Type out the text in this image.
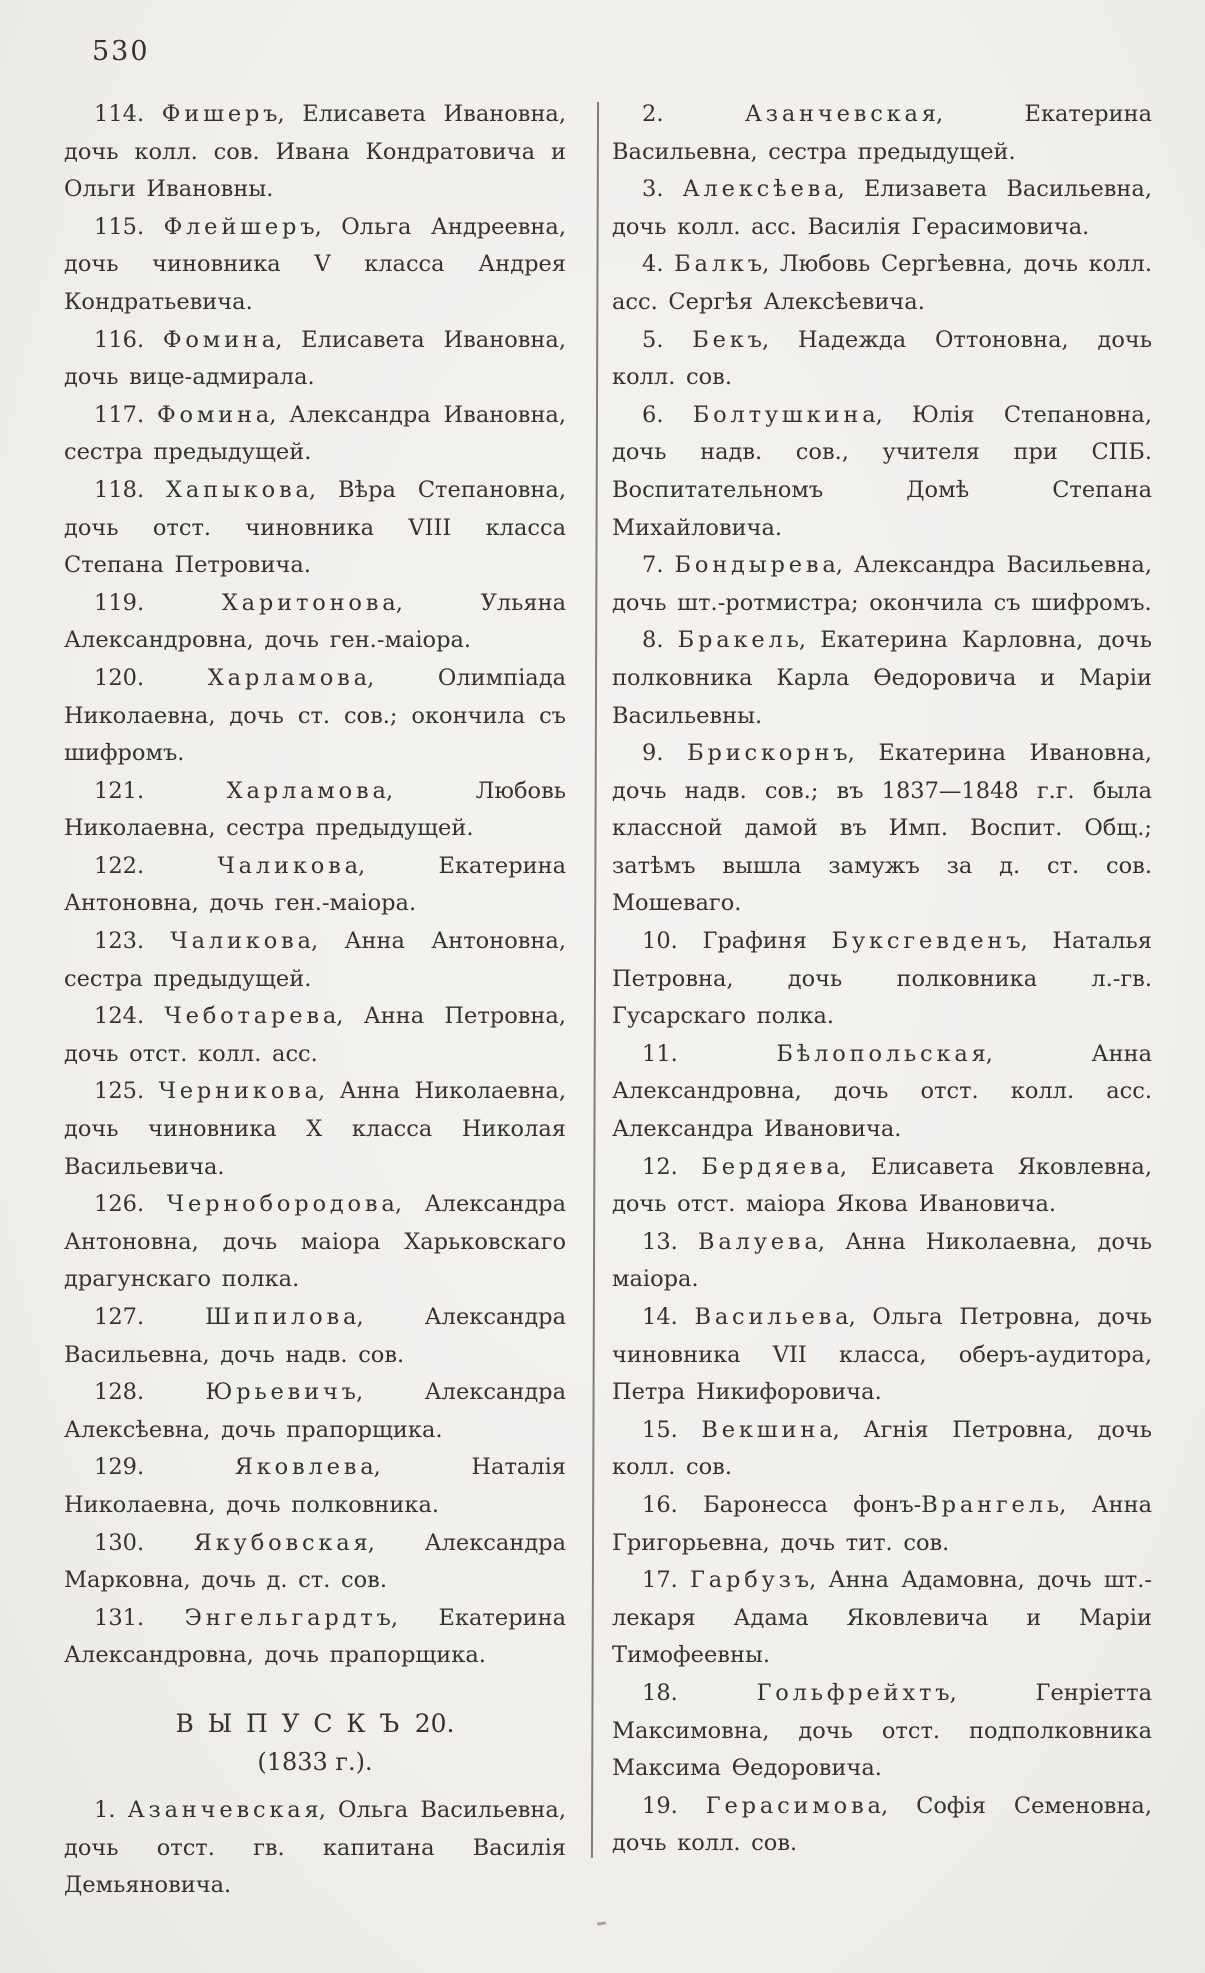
530

114. Фишеръ, Елисавета Ивановна, дочь колл. сов. Ивана Кондратовича и Ольги Ивановны.

115. Флейшеръ, Ольга Андреевна, дочь чиновника V класса Андрея Кондратьевича.

116. Фомина, Елисавета Ивановна, дочь вице-адмирала.

117. Фомина, Александра Ивановна, сестра предыдущей.

118. Хапыкова, Вѣра Степановна, дочь отст. чиновника VIII класса Степана Петровича.

119. Харитонова, Ульяна Александровна, дочь ген.-маіора.

120. Харламова, Олимпіада Николаевна, дочь ст. сов.; окончила съ шифромъ.

121. Харламова, Любовь Николаевна, сестра предыдущей.

122. Чаликова, Екатерина Антоновна, дочь ген.-маіора.

123. Чаликова, Анна Антоновна, сестра предыдущей.

124. Чеботарева, Анна Петровна, дочь отст. колл. асс.

125. Черникова, Анна Николаевна, дочь чиновника X класса Николая Васильевича.

126. Чернобородова, Александра Антоновна, дочь маіора Харьковскаго драгунскаго полка.

127. Шипилова, Александра Васильевна, дочь надв. сов.

128. Юрьевичъ, Александра Алексѣевна, дочь прапорщика.

129. Яковлева, Наталія Николаевна, дочь полковника.

130. Якубовская, Александра Марковна, дочь д. ст. сов.

131. Энгельгардтъ, Екатерина Александровна, дочь прапорщика.

ВЫПУСКЪ 20.
(1833 г.).

1. Азанчевская, Ольга Васильевна, дочь отст. гв. капитана Василія Демьяновича.

2. Азанчевская, Екатерина Васильевна, сестра предыдущей.

3. Алексѣева, Елизавета Васильевна, дочь колл. асс. Василія Герасимовича.

4. Балкъ, Любовь Сергѣевна, дочь колл. асс. Сергѣя Алексѣевича.

5. Бекъ, Надежда Оттоновна, дочь колл. сов.

6. Болтушкина, Юлія Степановна, дочь надв. сов., учителя при СПБ. Воспитательномъ Домѣ Степана Михайловича.

7. Бондырева, Александра Васильевна, дочь шт.-ротмистра; окончила съ шифромъ.

8. Бракель, Екатерина Карловна, дочь полковника Карла Ѳедоровича и Маріи Васильевны.

9. Брискорнъ, Екатерина Ивановна, дочь надв. сов.; въ 1837—1848 г.г. была классной дамой въ Имп. Воспит. Общ.; затѣмъ вышла замужъ за д. ст. сов. Мошеваго.

10. Графиня Буксгевденъ, Наталья Петровна, дочь полковника л.-гв. Гусарскаго полка.

11. Бѣлопольская, Анна Александровна, дочь отст. колл. асс. Александра Ивановича.

12. Бердяева, Елисавета Яковлевна, дочь отст. маіора Якова Ивановича.

13. Валуева, Анна Николаевна, дочь маіора.

14. Васильева, Ольга Петровна, дочь чиновника VII класса, оберъ-аудитора, Петра Никифоровича.

15. Векшина, Агнія Петровна, дочь колл. сов.

16. Баронесса фонъ-Врангель, Анна Григорьевна, дочь тит. сов.

17. Гарбузъ, Анна Адамовна, дочь шт.-лекаря Адама Яковлевича и Маріи Тимофеевны.

18. Гольфрейхтъ, Генріетта Максимовна, дочь отст. подполковника Максима Ѳедоровича.

19. Герасимова, Софія Семеновна, дочь колл. сов.
